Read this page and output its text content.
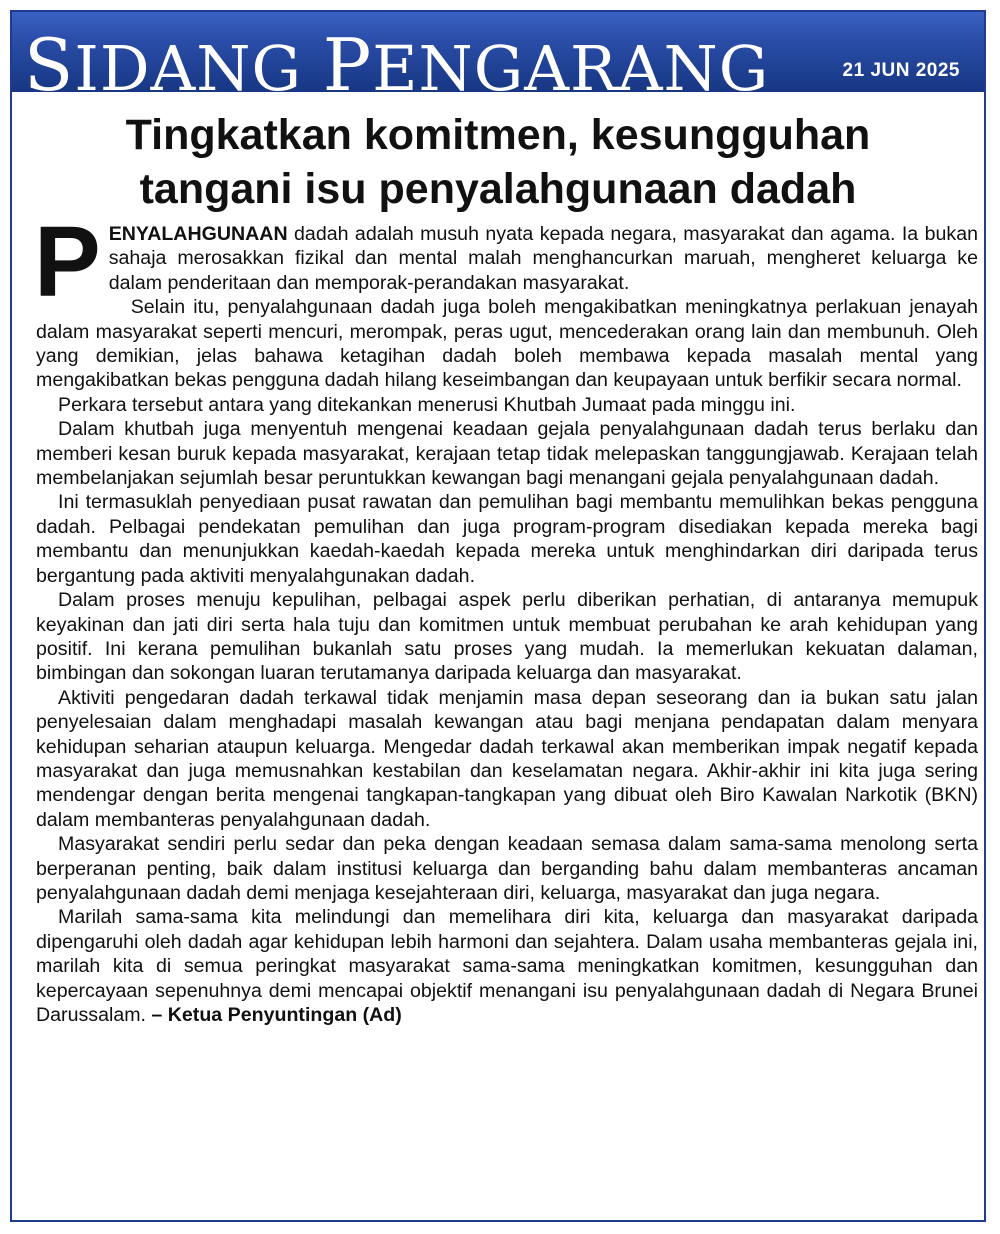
SIDANG PENGARANG	21 JUN 2025
Tingkatkan komitmen, kesungguhan
tangani isu penyalahgunaan dadah

PENYALAHGUNAAN dadah adalah musuh nyata kepada negara, masyarakat dan agama. Ia bukan sahaja merosakkan fizikal dan mental malah menghancurkan maruah, mengheret keluarga ke dalam penderitaan dan memporak-perandakan masyarakat.

Selain itu, penyalahgunaan dadah juga boleh mengakibatkan meningkatnya perlakuan jenayah dalam masyarakat seperti mencuri, merompak, peras ugut, mencederakan orang lain dan membunuh. Oleh yang demikian, jelas bahawa ketagihan dadah boleh membawa kepada masalah mental yang mengakibatkan bekas pengguna dadah hilang keseimbangan dan keupayaan untuk berfikir secara normal.

Perkara tersebut antara yang ditekankan menerusi Khutbah Jumaat pada minggu ini.

Dalam khutbah juga menyentuh mengenai keadaan gejala penyalahgunaan dadah terus berlaku dan memberi kesan buruk kepada masyarakat, kerajaan tetap tidak melepaskan tanggungjawab. Kerajaan telah membelanjakan sejumlah besar peruntukkan kewangan bagi menangani gejala penyalahgunaan dadah.

Ini termasuklah penyediaan pusat rawatan dan pemulihan bagi membantu memulihkan bekas pengguna dadah. Pelbagai pendekatan pemulihan dan juga program-program disediakan kepada mereka bagi membantu dan menunjukkan kaedah-kaedah kepada mereka untuk menghindarkan diri daripada terus bergantung pada aktiviti menyalahgunakan dadah.

Dalam proses menuju kepulihan, pelbagai aspek perlu diberikan perhatian, di antaranya memupuk keyakinan dan jati diri serta hala tuju dan komitmen untuk membuat perubahan ke arah kehidupan yang positif. Ini kerana pemulihan bukanlah satu proses yang mudah. Ia memerlukan kekuatan dalaman, bimbingan dan sokongan luaran terutamanya daripada keluarga dan masyarakat.

Aktiviti pengedaran dadah terkawal tidak menjamin masa depan seseorang dan ia bukan satu jalan penyelesaian dalam menghadapi masalah kewangan atau bagi menjana pendapatan dalam menyara kehidupan seharian ataupun keluarga. Mengedar dadah terkawal akan memberikan impak negatif kepada masyarakat dan juga memusnahkan kestabilan dan keselamatan negara. Akhir-akhir ini kita juga sering mendengar dengan berita mengenai tangkapan-tangkapan yang dibuat oleh Biro Kawalan Narkotik (BKN) dalam membanteras penyalahgunaan dadah.

Masyarakat sendiri perlu sedar dan peka dengan keadaan semasa dalam sama-sama menolong serta berperanan penting, baik dalam institusi keluarga dan berganding bahu dalam membanteras ancaman penyalahgunaan dadah demi menjaga kesejahteraan diri, keluarga, masyarakat dan juga negara.

Marilah sama-sama kita melindungi dan memelihara diri kita, keluarga dan masyarakat daripada dipengaruhi oleh dadah agar kehidupan lebih harmoni dan sejahtera. Dalam usaha membanteras gejala ini, marilah kita di semua peringkat masyarakat sama-sama meningkatkan komitmen, kesungguhan dan kepercayaan sepenuhnya demi mencapai objektif menangani isu penyalahgunaan dadah di Negara Brunei Darussalam. – Ketua Penyuntingan (Ad)
